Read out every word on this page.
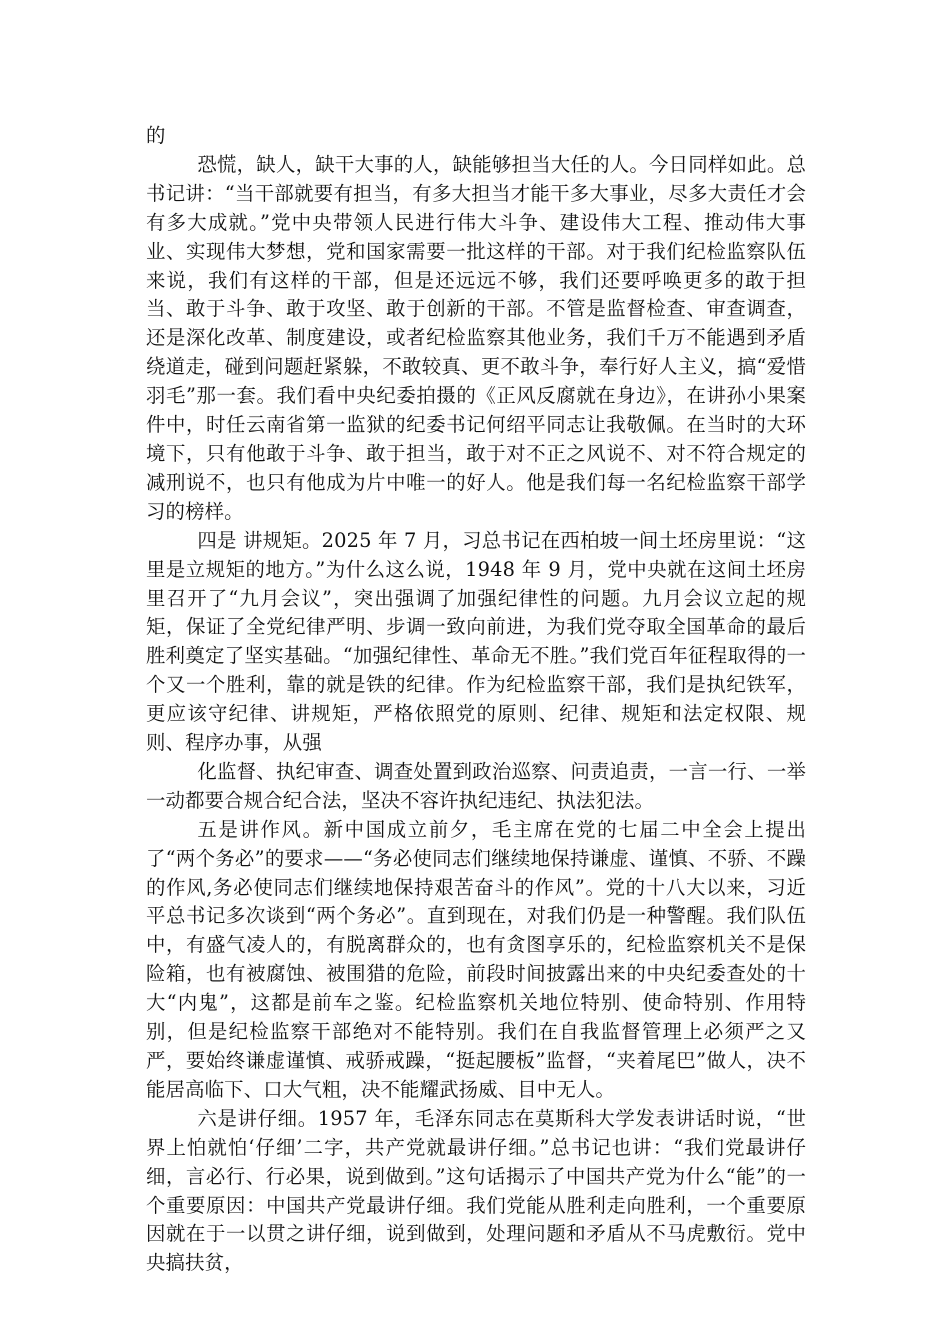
的

恐慌，缺人，缺干大事的人，缺能够担当大任的人。今日同样如此。总书记讲：“当干部就要有担当，有多大担当才能干多大事业，尽多大责任才会有多大成就。”党中央带领人民进行伟大斗争、建设伟大工程、推动伟大事业、实现伟大梦想，党和国家需要一批这样的干部。对于我们纪检监察队伍来说，我们有这样的干部，但是还远远不够，我们还要呼唤更多的敢于担当、敢于斗争、敢于攻坚、敢于创新的干部。不管是监督检查、审查调查，还是深化改革、制度建设，或者纪检监察其他业务，我们千万不能遇到矛盾绕道走，碰到问题赶紧躲，不敢较真、更不敢斗争，奉行好人主义，搞“爱惜羽毛”那一套。我们看中央纪委拍摄的《正风反腐就在身边》，在讲孙小果案件中，时任云南省第一监狱的纪委书记何绍平同志让我敬佩。在当时的大环境下，只有他敢于斗争、敢于担当，敢于对不正之风说不、对不符合规定的减刑说不，也只有他成为片中唯一的好人。他是我们每一名纪检监察干部学习的榜样。

四是 讲规矩。2025 年 7 月，习总书记在西柏坡一间土坯房里说：“这里是立规矩的地方。”为什么这么说，1948 年 9 月，党中央就在这间土坯房里召开了“九月会议”，突出强调了加强纪律性的问题。九月会议立起的规矩，保证了全党纪律严明、步调一致向前进，为我们党夺取全国革命的最后胜利奠定了坚实基础。“加强纪律性、革命无不胜。”我们党百年征程取得的一个又一个胜利，靠的就是铁的纪律。作为纪检监察干部，我们是执纪铁军，更应该守纪律、讲规矩，严格依照党的原则、纪律、规矩和法定权限、规则、程序办事，从强

化监督、执纪审查、调查处置到政治巡察、问责追责，一言一行、一举一动都要合规合纪合法，坚决不容许执纪违纪、执法犯法。

五是讲作风。新中国成立前夕，毛主席在党的七届二中全会上提出了“两个务必”的要求——“务必使同志们继续地保持谦虚、谨慎、不骄、不躁的作风,务必使同志们继续地保持艰苦奋斗的作风”。党的十八大以来，习近平总书记多次谈到“两个务必”。直到现在，对我们仍是一种警醒。我们队伍中，有盛气凌人的，有脱离群众的，也有贪图享乐的，纪检监察机关不是保险箱，也有被腐蚀、被围猎的危险，前段时间披露出来的中央纪委查处的十大“内鬼”，这都是前车之鉴。纪检监察机关地位特别、使命特别、作用特别，但是纪检监察干部绝对不能特别。我们在自我监督管理上必须严之又严，要始终谦虚谨慎、戒骄戒躁，“挺起腰板”监督，“夹着尾巴”做人，决不能居高临下、口大气粗，决不能耀武扬威、目中无人。

六是讲仔细。1957 年，毛泽东同志在莫斯科大学发表讲话时说，“世界上怕就怕‘仔细’二字，共产党就最讲仔细。”总书记也讲：“我们党最讲仔细，言必行、行必果，说到做到。”这句话揭示了中国共产党为什么“能”的一个重要原因：中国共产党最讲仔细。我们党能从胜利走向胜利，一个重要原因就在于一以贯之讲仔细，说到做到，处理问题和矛盾从不马虎敷衍。党中央搞扶贫，
